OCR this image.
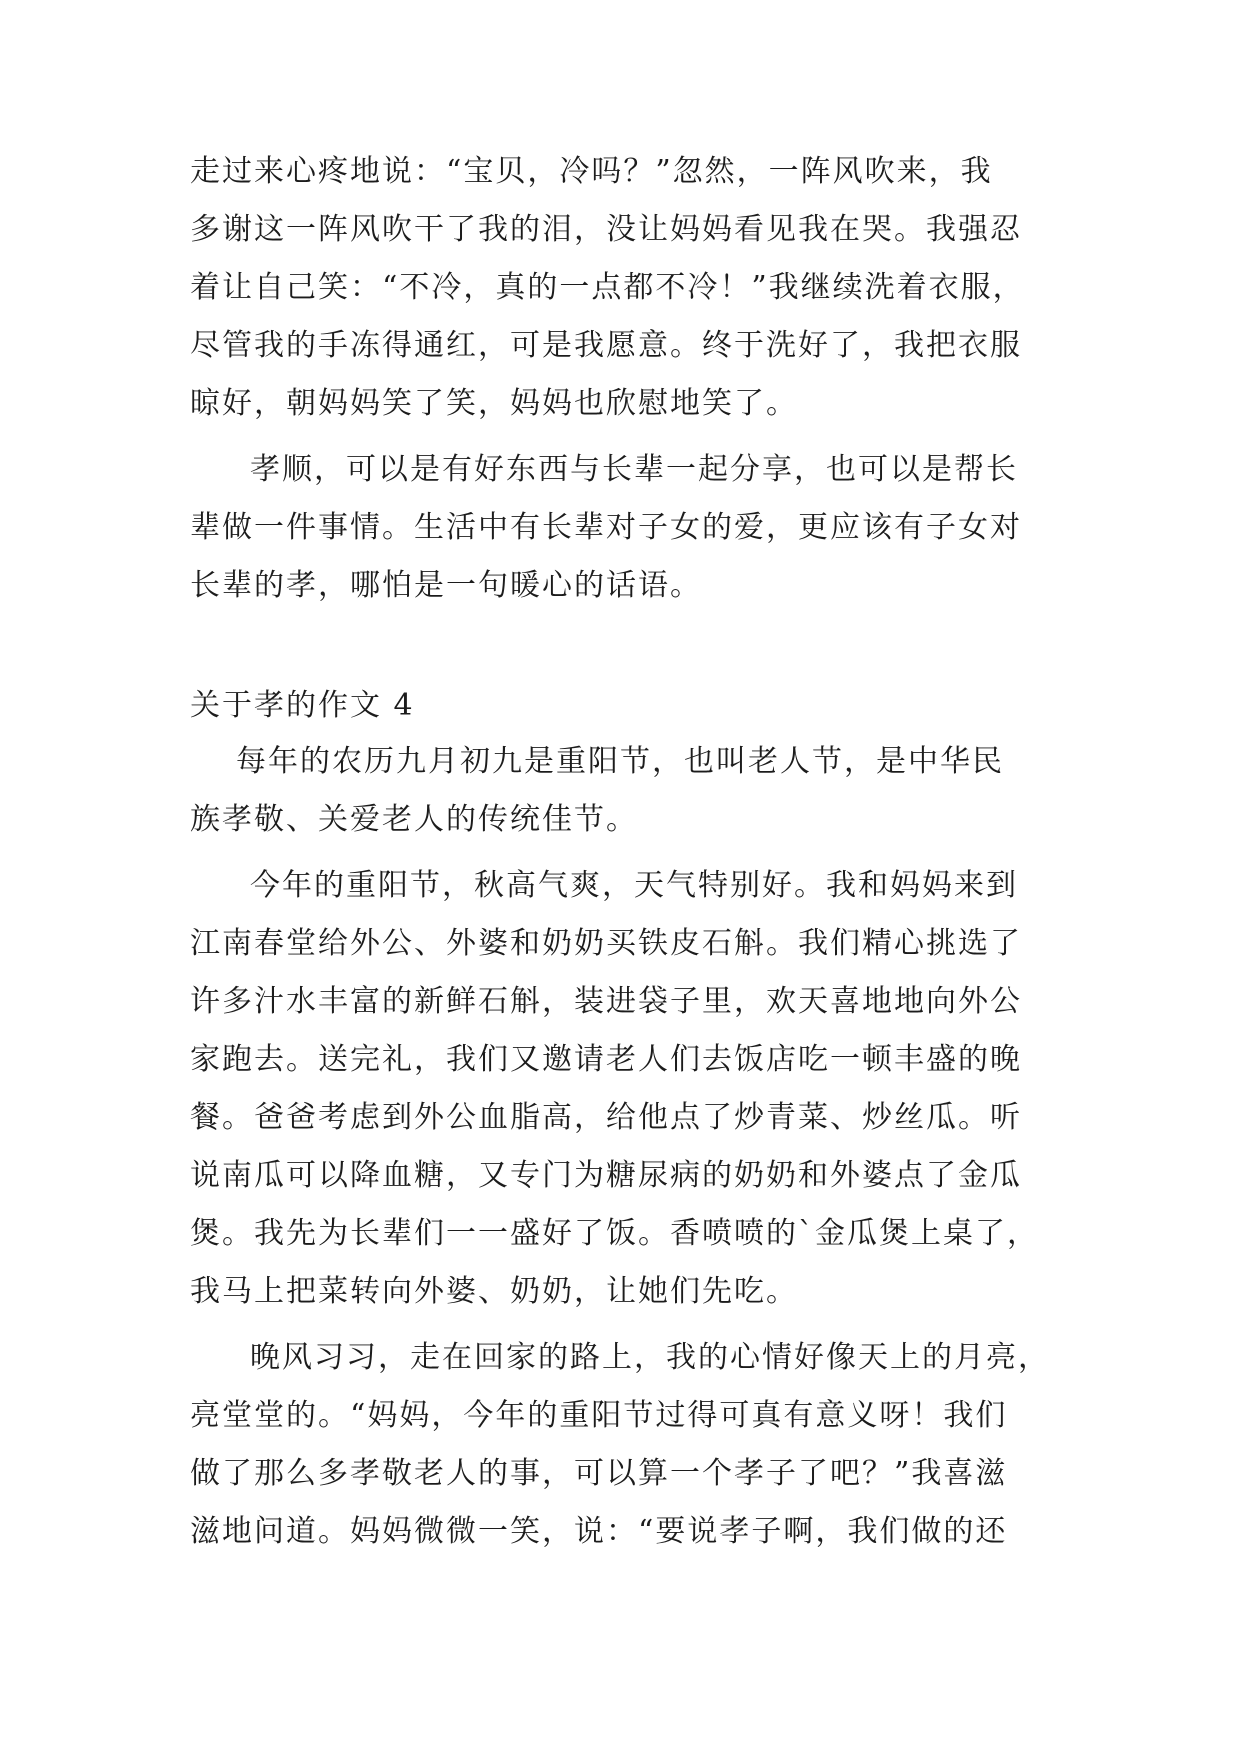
走过来心疼地说：“宝贝，冷吗？”忽然，一阵风吹来，我
多谢这一阵风吹干了我的泪，没让妈妈看见我在哭。我强忍
着让自己笑：“不冷，真的一点都不冷！”我继续洗着衣服，
尽管我的手冻得通红，可是我愿意。终于洗好了，我把衣服
晾好，朝妈妈笑了笑，妈妈也欣慰地笑了。
孝顺，可以是有好东西与长辈一起分享，也可以是帮长
辈做一件事情。生活中有长辈对子女的爱，更应该有子女对
长辈的孝，哪怕是一句暖心的话语。
关于孝的作文 4
每年的农历九月初九是重阳节，也叫老人节，是中华民
族孝敬、关爱老人的传统佳节。
今年的重阳节，秋高气爽，天气特别好。我和妈妈来到
江南春堂给外公、外婆和奶奶买铁皮石斛。我们精心挑选了
许多汁水丰富的新鲜石斛，装进袋子里，欢天喜地地向外公
家跑去。送完礼，我们又邀请老人们去饭店吃一顿丰盛的晚
餐。爸爸考虑到外公血脂高，给他点了炒青菜、炒丝瓜。听
说南瓜可以降血糖，又专门为糖尿病的奶奶和外婆点了金瓜
煲。我先为长辈们一一盛好了饭。香喷喷的`金瓜煲上桌了，
我马上把菜转向外婆、奶奶，让她们先吃。
晚风习习，走在回家的路上，我的心情好像天上的月亮，
亮堂堂的。“妈妈，今年的重阳节过得可真有意义呀！我们
做了那么多孝敬老人的事，可以算一个孝子了吧？”我喜滋
滋地问道。妈妈微微一笑，说：“要说孝子啊，我们做的还
